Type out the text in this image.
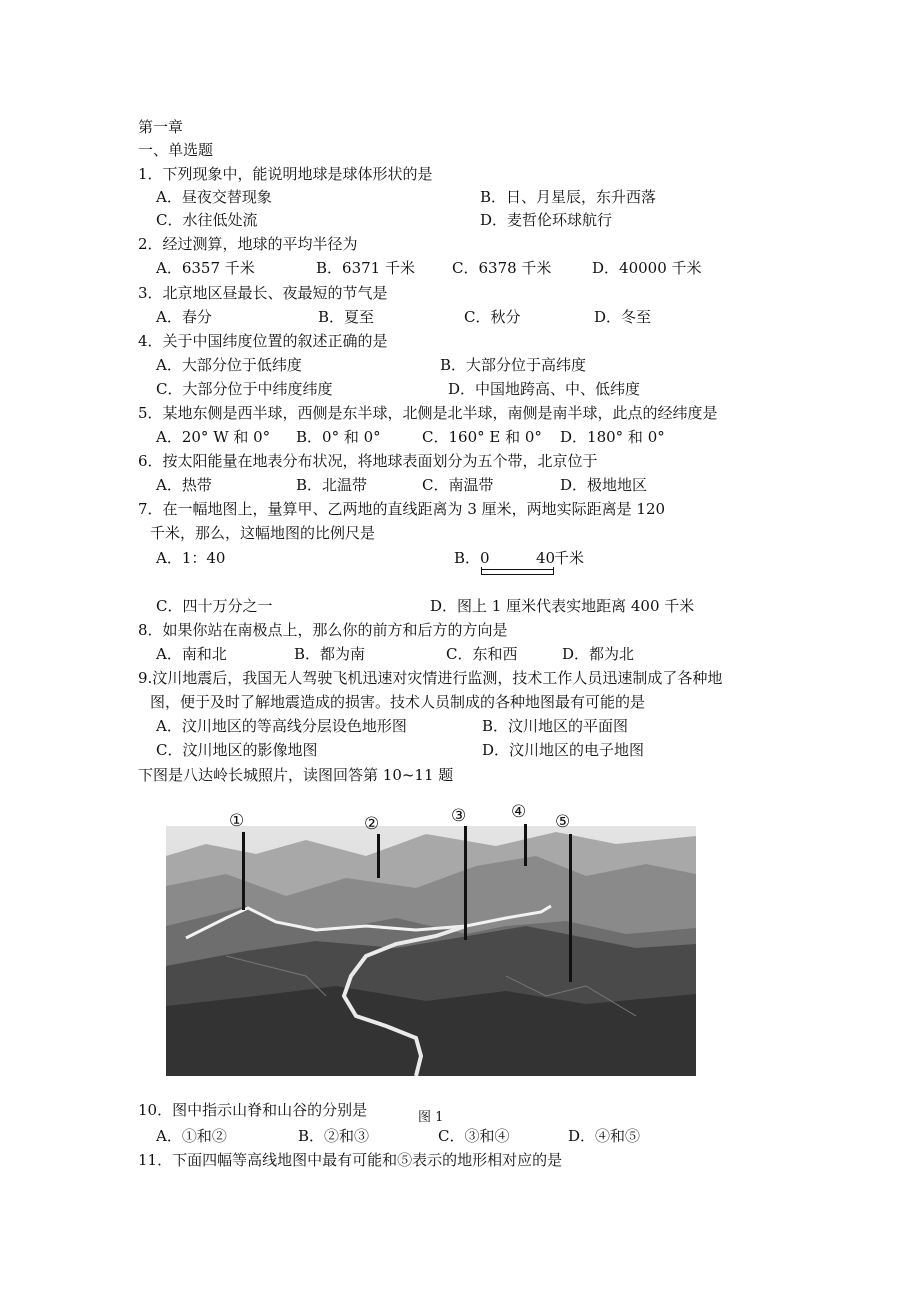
第一章
一、单选题
1．下列现象中，能说明地球是球体形状的是
A．昼夜交替现象	B．日、月星辰，东升西落
C．水往低处流	D．麦哲伦环球航行
2．经过测算，地球的平均半径为
A．6357 千米	B．6371 千米 C．6378 千米	D．40000 千米
3．北京地区昼最长、夜最短的节气是
A．春分	B．夏至	C．秋分	D．冬至
4．关于中国纬度位置的叙述正确的是
A．大部分位于低纬度	B．大部分位于高纬度
C．大部分位于中纬度纬度	D．中国地跨高、中、低纬度
5．某地东侧是西半球，西侧是东半球，北侧是北半球，南侧是南半球，此点的经纬度是
A．20° W 和 0° B．0° 和 0°	C．160° E 和 0° D．180° 和 0°
6．按太阳能量在地表分布状况，将地球表面划分为五个带，北京位于
A．热带	B．北温带	C．南温带	D．极地地区
7．在一幅地图上，量算甲、乙两地的直线距离为 3 厘米，两地实际距离是 120
千米，那么，这幅地图的比例尺是
A．1：40	B．0	40
千米
C．四十万分之一	D．图上 1 厘米代表实地距离 400 千米
8．如果你站在南极点上，那么你的前方和后方的方向是
A．南和北	B．都为南	C．东和西	D．都为北
9.汶川地震后，我国无人驾驶飞机迅速对灾情进行监测，技术工作人员迅速制成了各种地
图，便于及时了解地震造成的损害。技术人员制成的各种地图最有可能的是
A．汶川地区的等高线分层设色地形图	B．汶川地区的平面图
C．汶川地区的影像地图	D．汶川地区的电子地图
下图是八达岭长城照片，读图回答第 10~11 题
①	②	③	④ ⑤
10．图中指示山脊和山谷的分别是	图 1
A．①和②	B．②和③	C．③和④	D．④和⑤
11．下面四幅等高线地图中最有可能和⑤表示的地形相对应的是
